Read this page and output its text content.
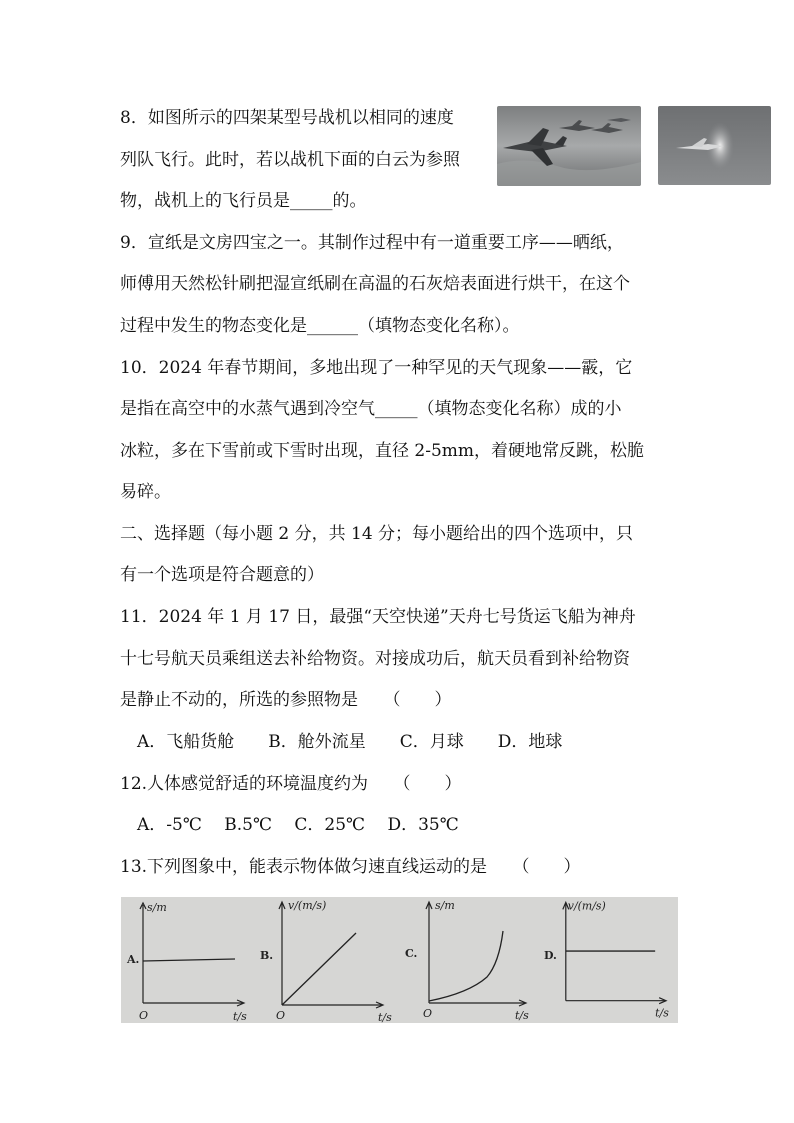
8．如图所示的四架某型号战机以相同的速度
列队飞行。此时，若以战机下面的白云为参照
物，战机上的飞行员是_____的。
9．宣纸是文房四宝之一。其制作过程中有一道重要工序——晒纸，
师傅用天然松针刷把湿宣纸刷在高温的石灰焙表面进行烘干，在这个
过程中发生的物态变化是______（填物态变化名称）。
10．2024 年春节期间，多地出现了一种罕见的天气现象——霰，它
是指在高空中的水蒸气遇到冷空气_____（填物态变化名称）成的小
冰粒，多在下雪前或下雪时出现，直径 2-5mm，着硬地常反跳，松脆
易碎。
二、选择题（每小题 2 分，共 14 分；每小题给出的四个选项中，只
有一个选项是符合题意的）
11．2024 年 1 月 17 日，最强“天空快递”天舟七号货运飞船为神舟
十七号航天员乘组送去补给物资。对接成功后，航天员看到补给物资
是静止不动的，所选的参照物是　　（　　）
　A．飞船货舱　　B．舱外流星　　C．月球　　D．地球
12.人体感觉舒适的环境温度约为　　（　　）
　A．-5℃　 B.5℃　 C．25℃　 D．35℃
13.下列图象中，能表示物体做匀速直线运动的是　　（　　）
s/m
A.
O	t/s
v/(m/s)
B.
O	t/s
s/m
C.
O	t/s
v/(m/s)
D.
t/s
